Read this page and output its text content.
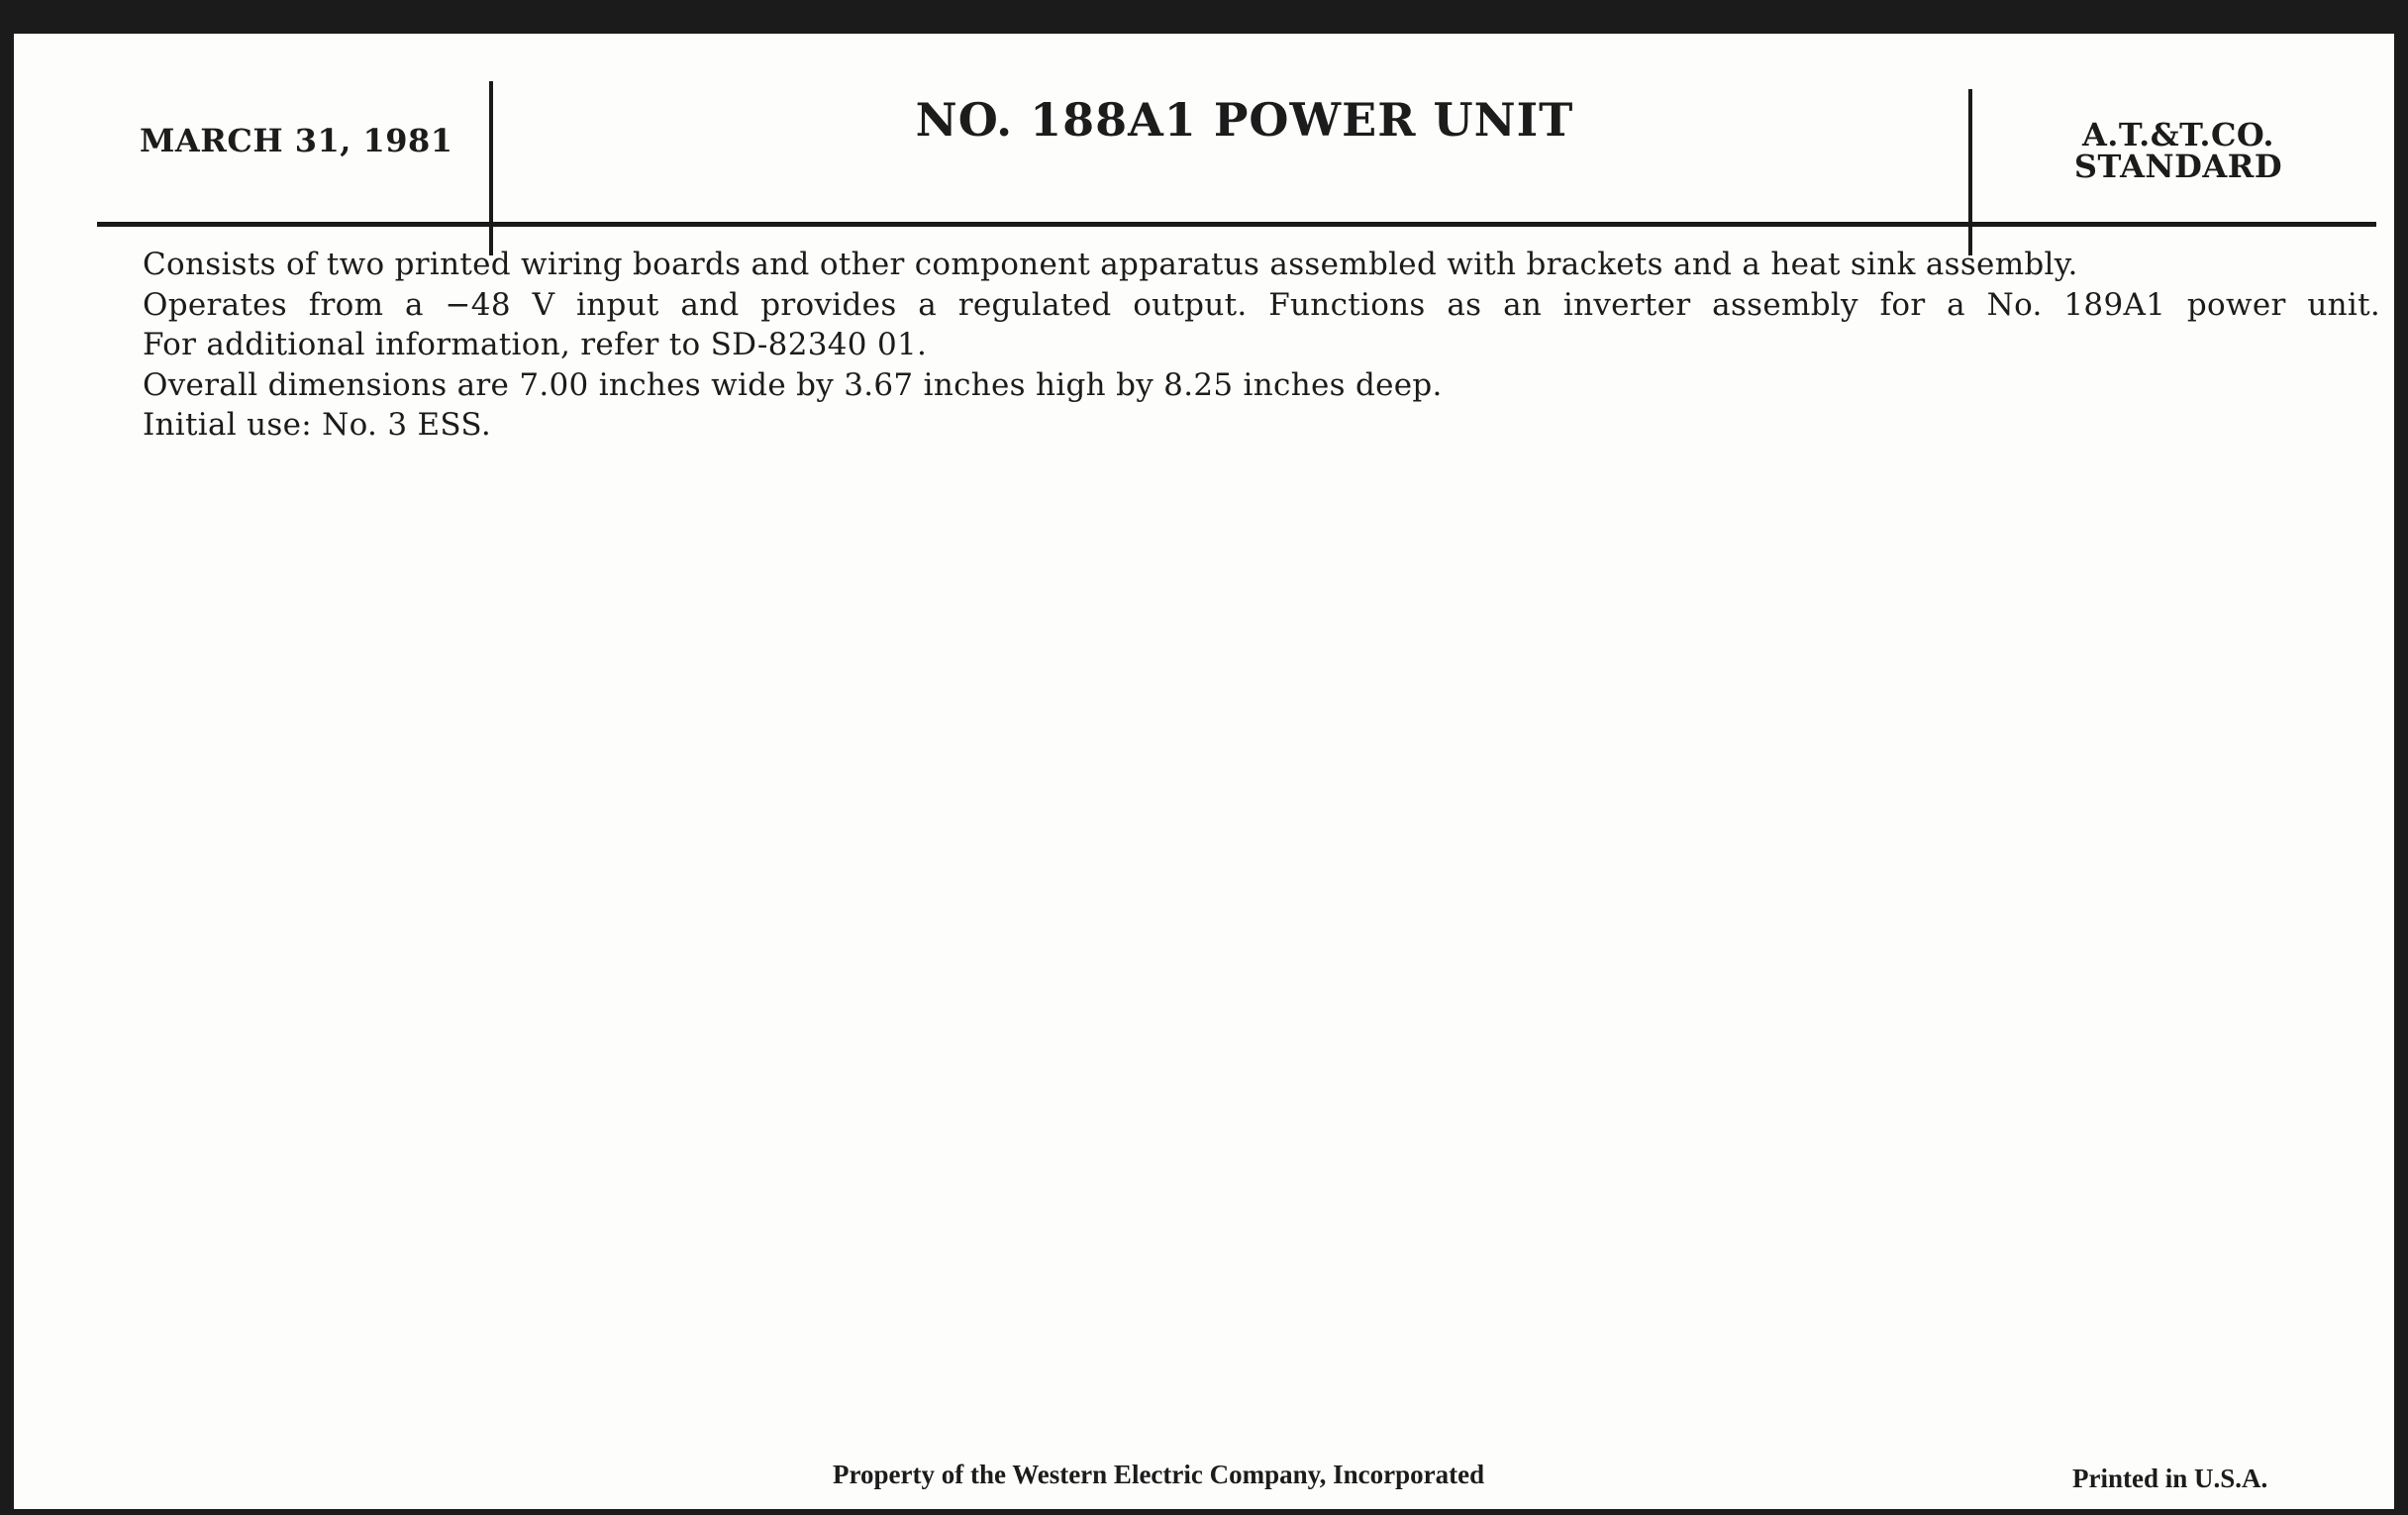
MARCH 31, 1981	NO. 188A1 POWER UNIT	A.T.&T.CO.
STANDARD
Consists of two printed wiring boards and other component apparatus assembled with brackets and a heat sink assembly.
Operates from a −48 V input and provides a regulated output. Functions as an inverter assembly for a No. 189A1 power unit.
For additional information, refer to SD-82340 01.
Overall dimensions are 7.00 inches wide by 3.67 inches high by 8.25 inches deep.
Initial use: No. 3 ESS.
Property of the Western Electric Company, Incorporated	Printed in U.S.A.
